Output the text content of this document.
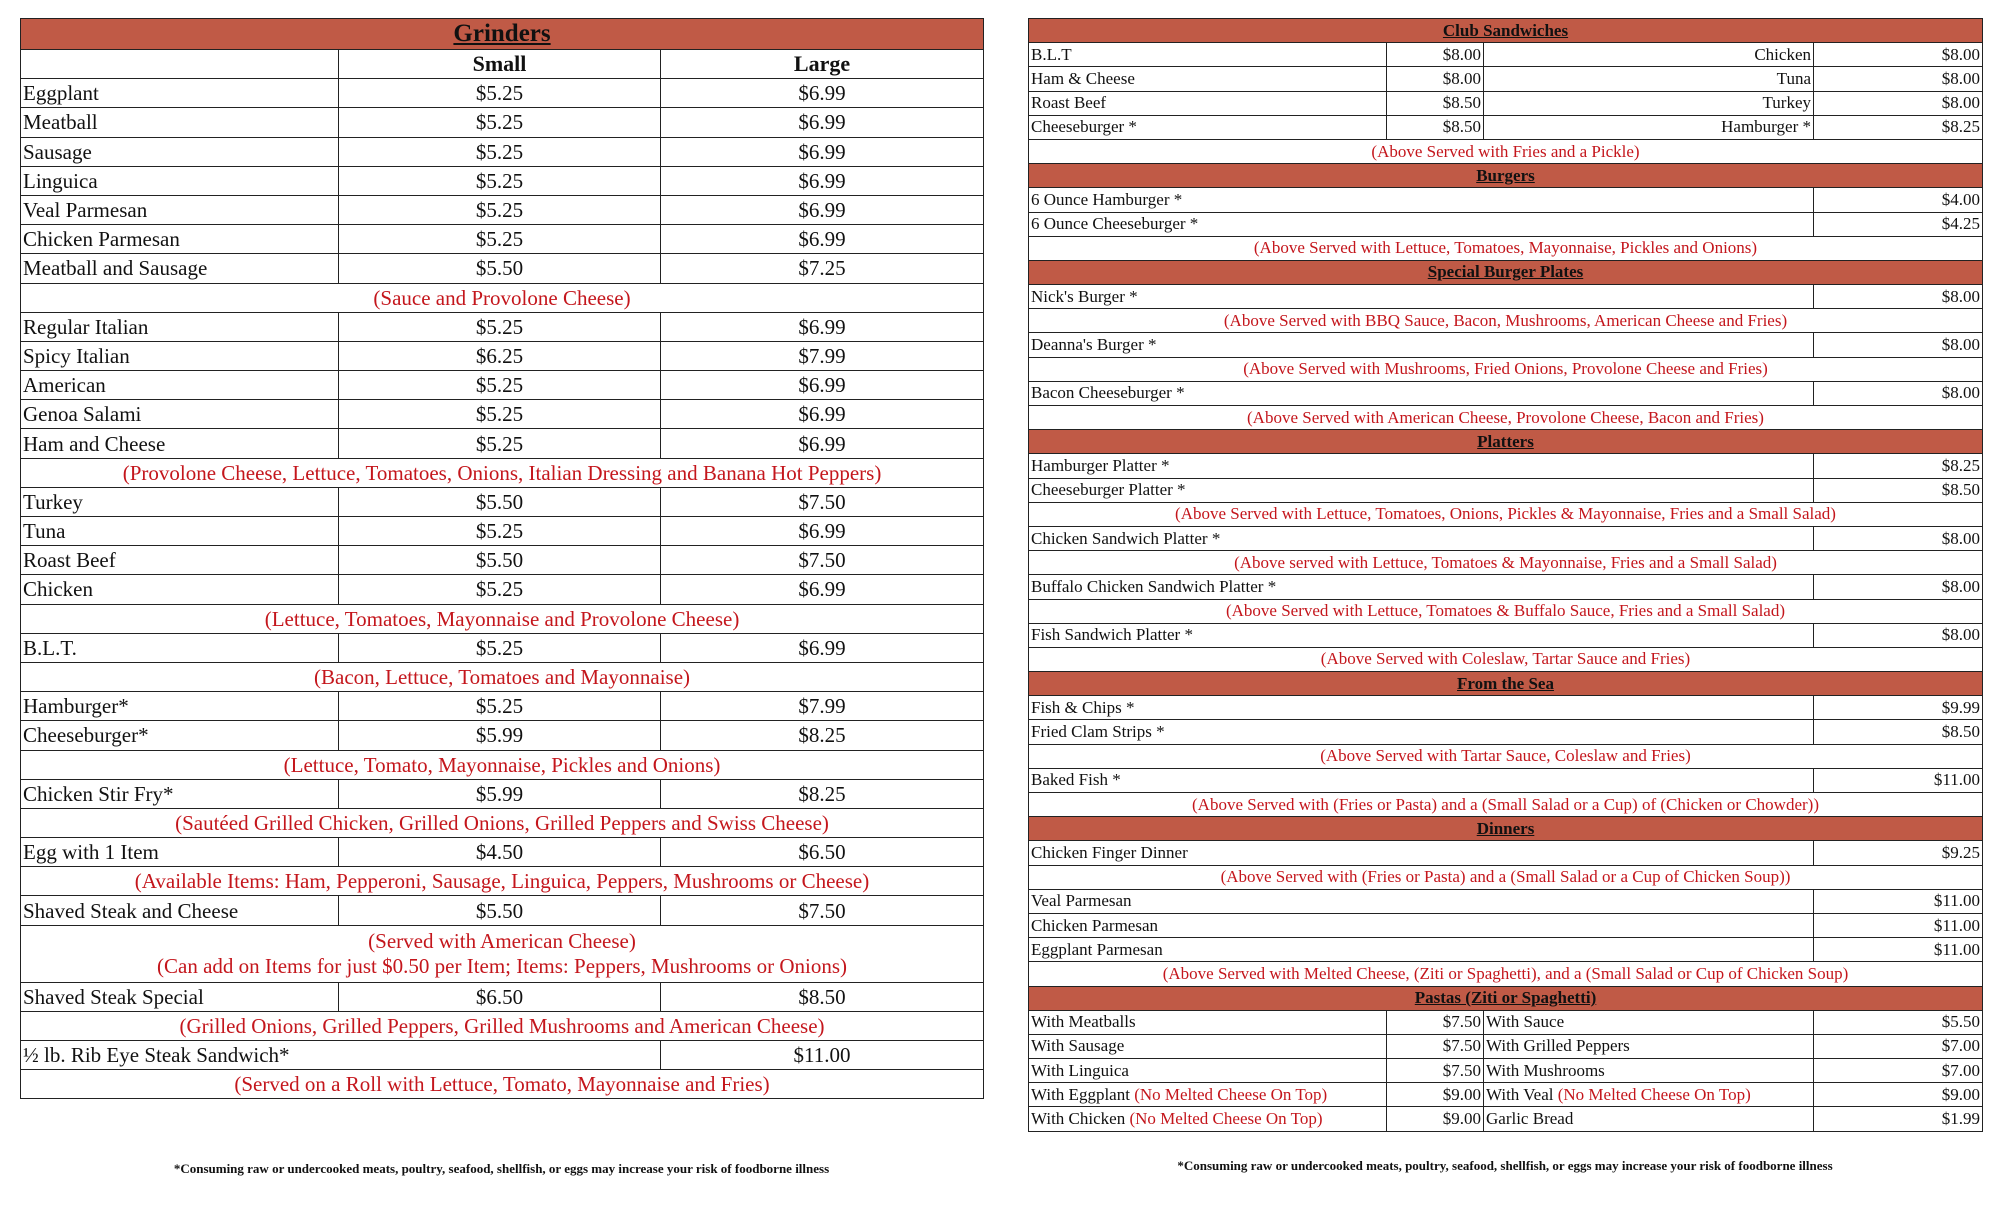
Grinders		
	Small	Large
Eggplant	$5.25	$6.99
Meatball	$5.25	$6.99
Sausage	$5.25	$6.99
Linguica	$5.25	$6.99
Veal Parmesan	$5.25	$6.99
Chicken Parmesan	$5.25	$6.99
Meatball and Sausage	$5.50	$7.25
(Sauce and Provolone Cheese)		
Regular Italian	$5.25	$6.99
Spicy Italian	$6.25	$7.99
American	$5.25	$6.99
Genoa Salami	$5.25	$6.99
Ham and Cheese	$5.25	$6.99
(Provolone Cheese, Lettuce, Tomatoes, Onions, Italian Dressing and Banana Hot Peppers)		
Turkey	$5.50	$7.50
Tuna	$5.25	$6.99
Roast Beef	$5.50	$7.50
Chicken	$5.25	$6.99
(Lettuce, Tomatoes, Mayonnaise and Provolone Cheese)		
B.L.T.	$5.25	$6.99
(Bacon, Lettuce, Tomatoes and Mayonnaise)		
Hamburger*	$5.25	$7.99
Cheeseburger*	$5.99	$8.25
(Lettuce, Tomato, Mayonnaise, Pickles and Onions)		
Chicken Stir Fry*	$5.99	$8.25
(Sautéed Grilled Chicken, Grilled Onions, Grilled Peppers and Swiss Cheese)		
Egg with 1 Item	$4.50	$6.50
(Available Items: Ham, Pepperoni, Sausage, Linguica, Peppers, Mushrooms or Cheese)		
Shaved Steak and Cheese	$5.50	$7.50

(Served with American Cheese)
(Can add on Items for just $0.50 per Item; Items: Peppers, Mushrooms or Onions)		

Shaved Steak Special	$6.50	$8.50
(Grilled Onions, Grilled Peppers, Grilled Mushrooms and American Cheese)		
½ lb. Rib Eye Steak Sandwich*		$11.00
(Served on a Roll with Lettuce, Tomato, Mayonnaise and Fries)		
Club Sandwiches			
B.L.T	$8.00	Chicken	$8.00
Ham & Cheese	$8.00	Tuna	$8.00
Roast Beef	$8.50	Turkey	$8.00
Cheeseburger *	$8.50	Hamburger *	$8.25
(Above Served with Fries and a Pickle)			
Burgers			
6 Ounce Hamburger *			$4.00
6 Ounce Cheeseburger *			$4.25
(Above Served with Lettuce, Tomatoes, Mayonnaise, Pickles and Onions)			
Special Burger Plates			
Nick's Burger *			$8.00
(Above Served with BBQ Sauce, Bacon, Mushrooms, American Cheese and Fries)			
Deanna's Burger *			$8.00
(Above Served with Mushrooms, Fried Onions, Provolone Cheese and Fries)			
Bacon Cheeseburger *			$8.00
(Above Served with American Cheese, Provolone Cheese, Bacon and Fries)			
Platters			
Hamburger Platter *			$8.25
Cheeseburger Platter *			$8.50
(Above Served with Lettuce, Tomatoes, Onions, Pickles & Mayonnaise, Fries and a Small Salad)			
Chicken Sandwich Platter *			$8.00
(Above served with Lettuce, Tomatoes & Mayonnaise, Fries and a Small Salad)			
Buffalo Chicken Sandwich Platter *			$8.00
(Above Served with Lettuce, Tomatoes & Buffalo Sauce, Fries and a Small Salad)			
Fish Sandwich Platter *			$8.00
(Above Served with Coleslaw, Tartar Sauce and Fries)			
From the Sea			
Fish & Chips *			$9.99
Fried Clam Strips *			$8.50
(Above Served with Tartar Sauce, Coleslaw and Fries)			
Baked Fish *			$11.00
(Above Served with (Fries or Pasta) and a (Small Salad or a Cup) of (Chicken or Chowder))			
Dinners			
Chicken Finger Dinner			$9.25
(Above Served with (Fries or Pasta) and a (Small Salad or a Cup of Chicken Soup))			
Veal Parmesan			$11.00
Chicken Parmesan			$11.00
Eggplant Parmesan			$11.00
(Above Served with Melted Cheese, (Ziti or Spaghetti), and a (Small Salad or Cup of Chicken Soup)			
Pastas (Ziti or Spaghetti)			
With Meatballs	$7.50	With Sauce	$5.50
With Sausage	$7.50	With Grilled Peppers	$7.00
With Linguica	$7.50	With Mushrooms	$7.00
With Eggplant (No Melted Cheese On Top)	$9.00	With Veal (No Melted Cheese On Top)	$9.00
With Chicken (No Melted Cheese On Top)	$9.00	Garlic Bread	$1.99
*Consuming raw or undercooked meats, poultry, seafood, shellfish, or eggs may increase your risk of foodborne illness	*Consuming raw or undercooked meats, poultry, seafood, shellfish, or eggs may increase your risk of foodborne illness
